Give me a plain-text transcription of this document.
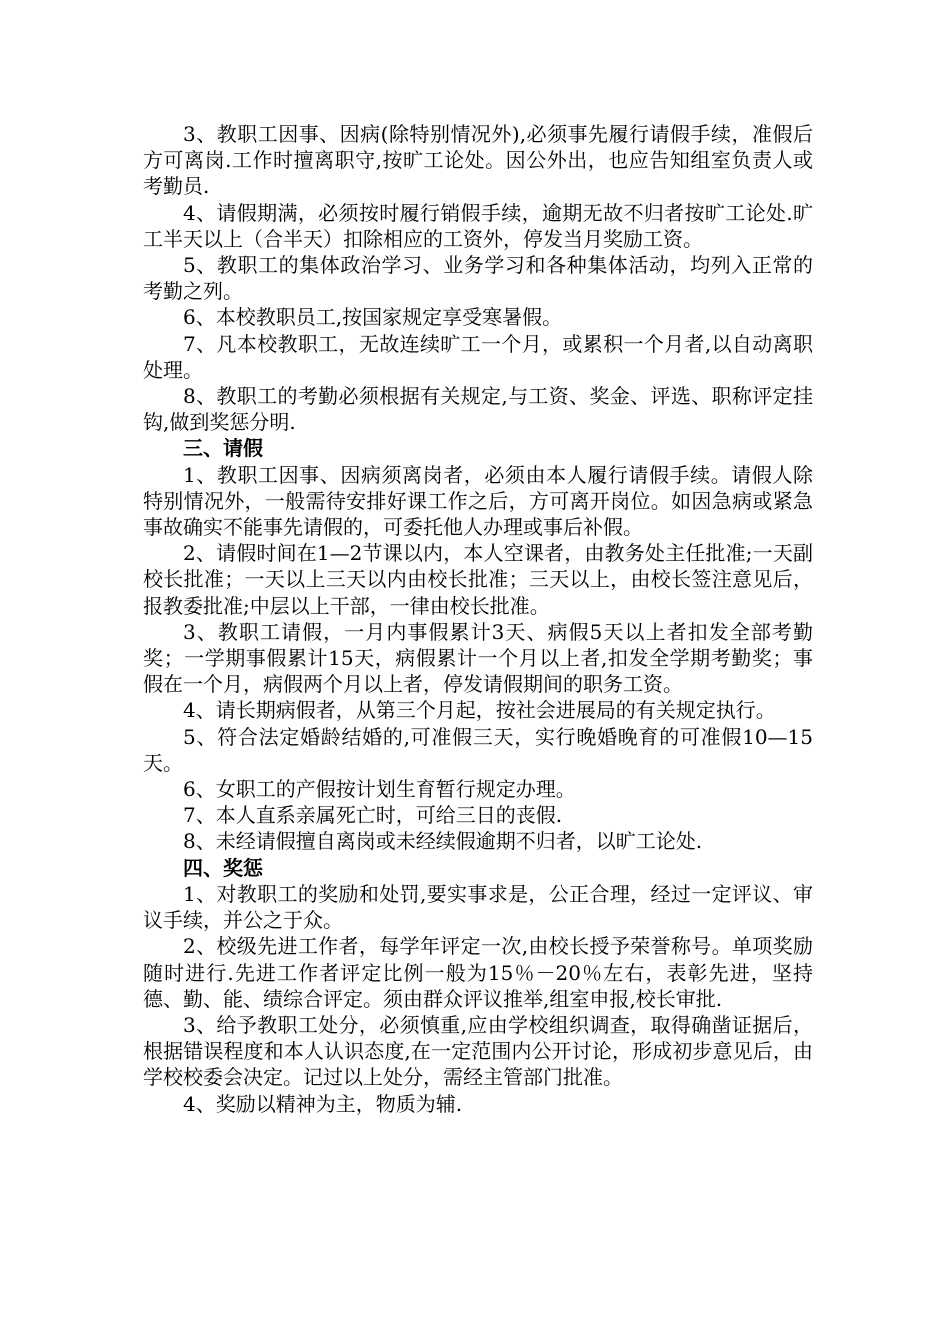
3、教职工因事、因病(除特别情况外),必须事先履行请假手续，准假后方可离岗.工作时擅离职守,按旷工论处。因公外出，也应告知组室负责人或考勤员.

4、请假期满，必须按时履行销假手续，逾期无故不归者按旷工论处.旷工半天以上（合半天）扣除相应的工资外，停发当月奖励工资。

5、教职工的集体政治学习、业务学习和各种集体活动，均列入正常的考勤之列。

6、本校教职员工,按国家规定享受寒暑假。

7、凡本校教职工，无故连续旷工一个月，或累积一个月者,以自动离职处理。

8、教职工的考勤必须根据有关规定,与工资、奖金、评选、职称评定挂钩,做到奖惩分明.

三、请假

1、教职工因事、因病须离岗者，必须由本人履行请假手续。请假人除特别情况外，一般需待安排好课工作之后，方可离开岗位。如因急病或紧急事故确实不能事先请假的，可委托他人办理或事后补假。

2、请假时间在1—2节课以内，本人空课者，由教务处主任批准;一天副校长批准；一天以上三天以内由校长批准；三天以上，由校长签注意见后，报教委批准;中层以上干部，一律由校长批准。

3、教职工请假，一月内事假累计3天、病假5天以上者扣发全部考勤奖；一学期事假累计15天，病假累计一个月以上者,扣发全学期考勤奖；事假在一个月，病假两个月以上者，停发请假期间的职务工资。

4、请长期病假者，从第三个月起，按社会进展局的有关规定执行。

5、符合法定婚龄结婚的,可准假三天，实行晚婚晚育的可准假10—15天。

6、女职工的产假按计划生育暂行规定办理。

7、本人直系亲属死亡时，可给三日的丧假.

8、未经请假擅自离岗或未经续假逾期不归者，以旷工论处.

四、奖惩

1、对教职工的奖励和处罚,要实事求是，公正合理，经过一定评议、审议手续，并公之于众。

2、校级先进工作者，每学年评定一次,由校长授予荣誉称号。单项奖励随时进行.先进工作者评定比例一般为15％－20％左右，表彰先进，坚持德、勤、能、绩综合评定。须由群众评议推举,组室申报,校长审批.

3、给予教职工处分，必须慎重,应由学校组织调查，取得确凿证据后，根据错误程度和本人认识态度,在一定范围内公开讨论，形成初步意见后，由学校校委会决定。记过以上处分，需经主管部门批准。

4、奖励以精神为主，物质为辅.
